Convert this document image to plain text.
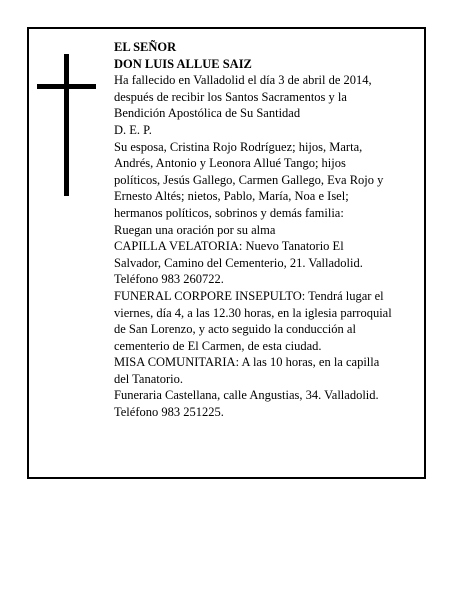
EL SEÑOR
DON LUIS ALLUE SAIZ
Ha fallecido en Valladolid el día 3 de abril de 2014,
después de recibir los Santos Sacramentos y la
Bendición Apostólica de Su Santidad
D. E. P.
Su esposa, Cristina Rojo Rodríguez; hijos, Marta,
Andrés, Antonio y Leonora Allué Tango; hijos
políticos, Jesús Gallego, Carmen Gallego, Eva Rojo y
Ernesto Altés; nietos, Pablo, María, Noa e Isel;
hermanos políticos, sobrinos y demás familia:
Ruegan una oración por su alma
CAPILLA VELATORIA: Nuevo Tanatorio El
Salvador, Camino del Cementerio, 21. Valladolid.
Teléfono 983 260722.
FUNERAL CORPORE INSEPULTO: Tendrá lugar el
viernes, día 4, a las 12.30 horas, en la iglesia parroquial
de San Lorenzo, y acto seguido la conducción al
cementerio de El Carmen, de esta ciudad.
MISA COMUNITARIA: A las 10 horas, en la capilla
del Tanatorio.
Funeraria Castellana, calle Angustias, 34. Valladolid.
Teléfono 983 251225.
